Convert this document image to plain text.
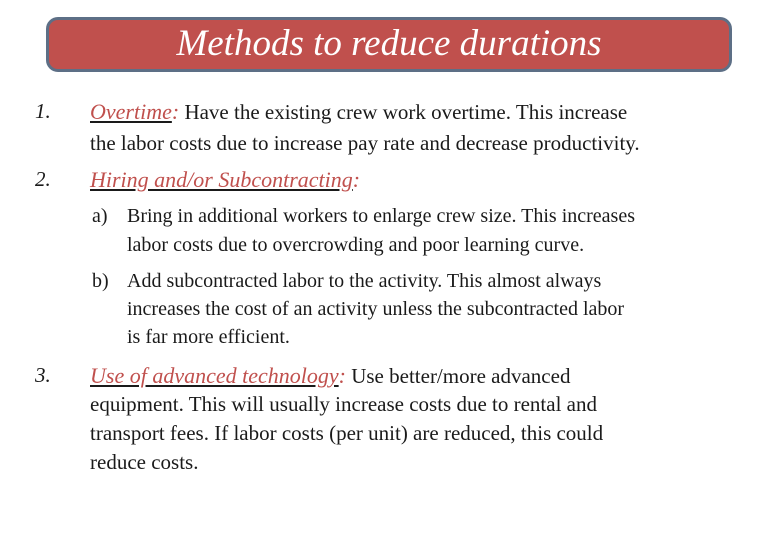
Methods to reduce durations
1. Overtime: Have the existing crew work overtime. This increase
the labor costs due to increase pay rate and decrease productivity.
2. Hiring and/or Subcontracting:
a) Bring in additional workers to enlarge crew size. This increases
labor costs due to overcrowding and poor learning curve.
b) Add subcontracted labor to the activity. This almost always
increases the cost of an activity unless the subcontracted labor
is far more efficient.
3. Use of advanced technology: Use better/more advanced
equipment. This will usually increase costs due to rental and
transport fees. If labor costs (per unit) are reduced, this could
reduce costs.
